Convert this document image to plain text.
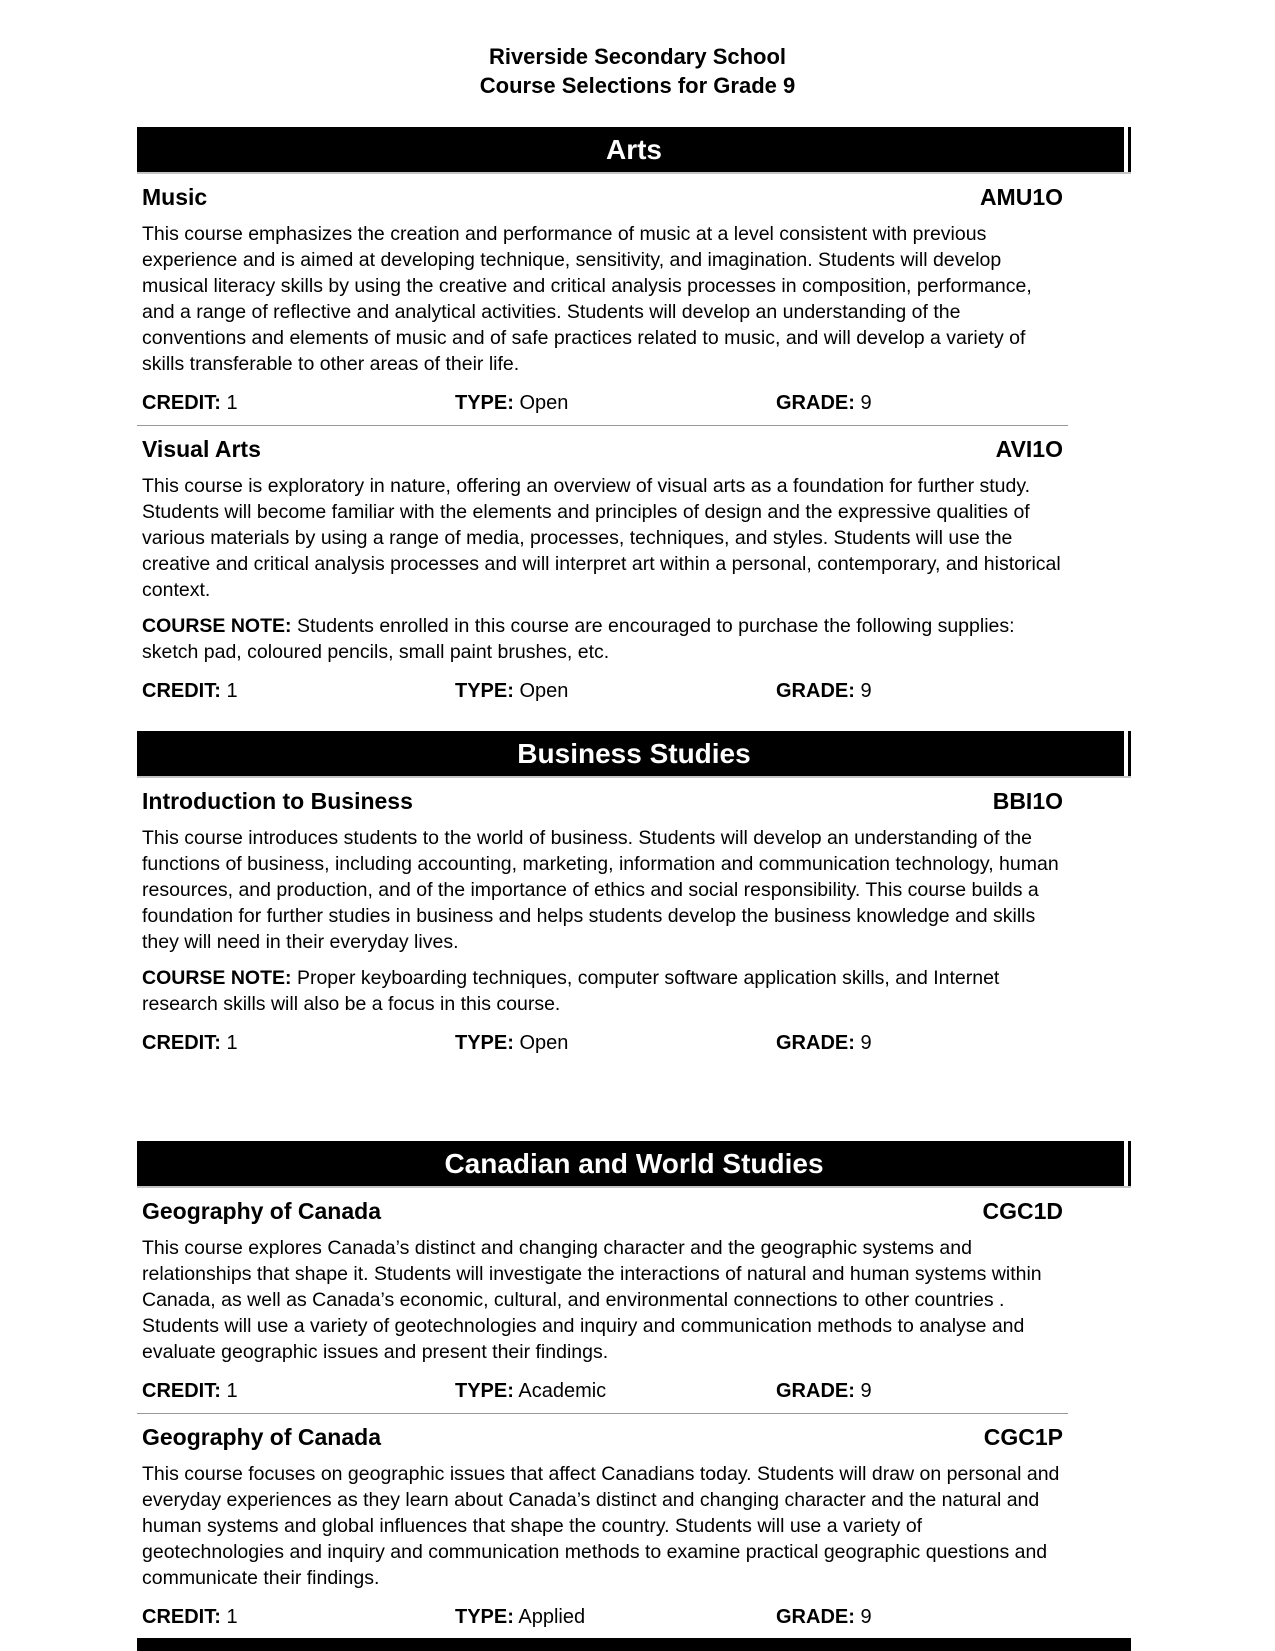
Riverside Secondary School
Course Selections for Grade 9
Arts
Music	AMU1O

This course emphasizes the creation and performance of music at a level consistent with previous experience and is aimed at developing technique, sensitivity, and imagination. Students will develop musical literacy skills by using the creative and critical analysis processes in composition, performance, and a range of reflective and analytical activities. Students will develop an understanding of the conventions and elements of music and of safe practices related to music, and will develop a variety of skills transferable to other areas of their life.

CREDIT: 1	TYPE: Open	GRADE: 9
Visual Arts	AVI1O

This course is exploratory in nature, offering an overview of visual arts as a foundation for further study. Students will become familiar with the elements and principles of design and the expressive qualities of various materials by using a range of media, processes, techniques, and styles. Students will use the creative and critical analysis processes and will interpret art within a personal, contemporary, and historical context.

COURSE NOTE: Students enrolled in this course are encouraged to purchase the following supplies: sketch pad, coloured pencils, small paint brushes, etc.

CREDIT: 1	TYPE: Open	GRADE: 9
Business Studies
Introduction to Business	BBI1O

This course introduces students to the world of business. Students will develop an understanding of the functions of business, including accounting, marketing, information and communication technology, human resources, and production, and of the importance of ethics and social responsibility. This course builds a foundation for further studies in business and helps students develop the business knowledge and skills they will need in their everyday lives.

COURSE NOTE: Proper keyboarding techniques, computer software application skills, and Internet research skills will also be a focus in this course.

CREDIT: 1	TYPE: Open	GRADE: 9
Canadian and World Studies
Geography of Canada	CGC1D

This course explores Canada’s distinct and changing character and the geographic systems and relationships that shape it. Students will investigate the interactions of natural and human systems within Canada, as well as Canada’s economic, cultural, and environmental connections to other countries . Students will use a variety of geotechnologies and inquiry and communication methods to analyse and evaluate geographic issues and present their findings.

CREDIT: 1	TYPE: Academic	GRADE: 9
Geography of Canada	CGC1P

This course focuses on geographic issues that affect Canadians today. Students will draw on personal and everyday experiences as they learn about Canada’s distinct and changing character and the natural and human systems and global influences that shape the country. Students will use a variety of geotechnologies and inquiry and communication methods to examine practical geographic questions and communicate their findings.

CREDIT: 1	TYPE: Applied	GRADE: 9
